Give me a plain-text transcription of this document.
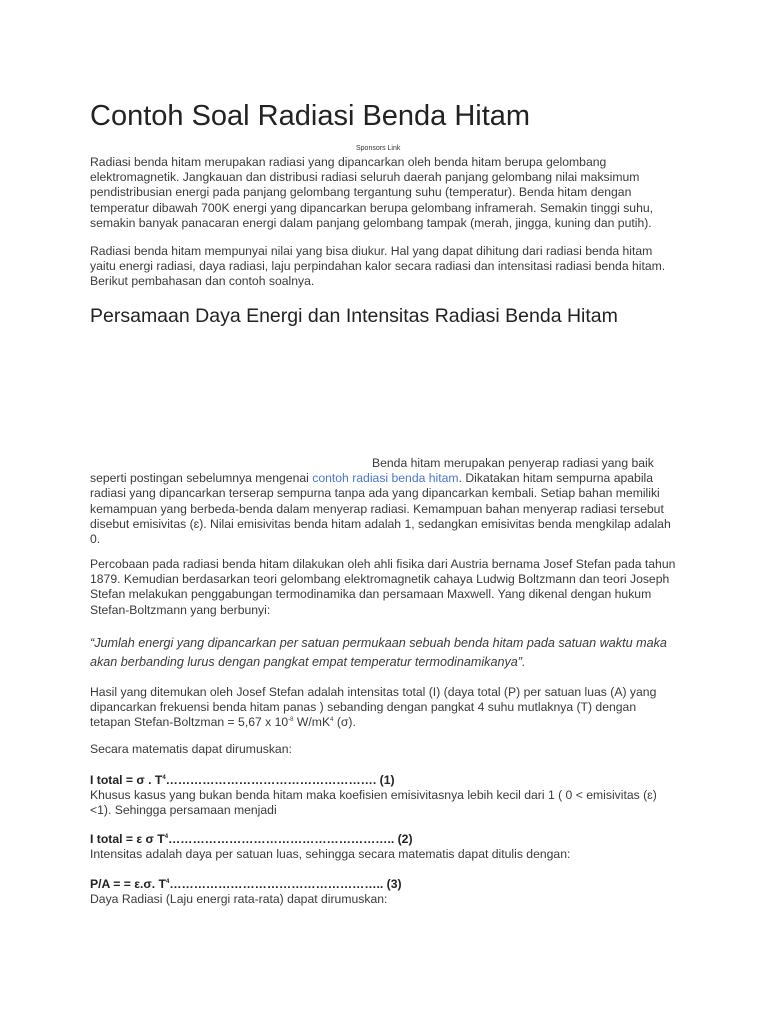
Contoh Soal Radiasi Benda Hitam
Sponsors Link

Radiasi benda hitam merupakan radiasi yang dipancarkan oleh benda hitam berupa gelombang elektromagnetik. Jangkauan dan distribusi radiasi seluruh daerah panjang gelombang nilai maksimum pendistribusian energi pada panjang gelombang tergantung suhu (temperatur). Benda hitam dengan temperatur dibawah 700K energi yang dipancarkan berupa gelombang inframerah. Semakin tinggi suhu, semakin banyak panacaran energi dalam panjang gelombang tampak (merah, jingga, kuning dan putih).

Radiasi benda hitam mempunyai nilai yang bisa diukur. Hal yang dapat dihitung dari radiasi benda hitam yaitu energi radiasi, daya radiasi, laju perpindahan kalor secara radiasi dan intensitasi radiasi benda hitam. Berikut pembahasan dan contoh soalnya.

Persamaan Daya Energi dan Intensitas Radiasi Benda Hitam

Benda hitam merupakan penyerap radiasi yang baik seperti postingan sebelumnya mengenai contoh radiasi benda hitam. Dikatakan hitam sempurna apabila radiasi yang dipancarkan terserap sempurna tanpa ada yang dipancarkan kembali. Setiap bahan memiliki kemampuan yang berbeda-benda dalam menyerap radiasi. Kemampuan bahan menyerap radiasi tersebut disebut emisivitas (ɛ). Nilai emisivitas benda hitam adalah 1, sedangkan emisivitas benda mengkilap adalah 0.

Percobaan pada radiasi benda hitam dilakukan oleh ahli fisika dari Austria bernama Josef Stefan pada tahun 1879. Kemudian berdasarkan teori gelombang elektromagnetik cahaya Ludwig Boltzmann dan teori Joseph Stefan melakukan penggabungan termodinamika dan persamaan Maxwell. Yang dikenal dengan hukum Stefan-Boltzmann yang berbunyi:

“Jumlah energi yang dipancarkan per satuan permukaan sebuah benda hitam pada satuan waktu maka akan berbanding lurus dengan pangkat empat temperatur termodinamikanya”.

Hasil yang ditemukan oleh Josef Stefan adalah intensitas total (I) (daya total (P) per satuan luas (A) yang dipancarkan frekuensi benda hitam panas ) sebanding dengan pangkat 4 suhu mutlaknya (T) dengan tetapan Stefan-Boltzman = 5,67 x $10^{-8}$ $W/mK^4$ (σ).

Secara matematis dapat dirumuskan:

I total = σ . $T^4\dots\dots\dots\dots\dots\dots\dots\dots\dots\dots\dots\dots\dots\dots\dots\dots\dots$. (1)

Khusus kasus yang bukan benda hitam maka koefisien emisivitasnya lebih kecil dari 1 ( 0 < emisivitas (ɛ) <1). Sehingga persamaan menjadi

I total = ε σ $T^4\dots\dots\dots\dots\dots\dots\dots\dots\dots\dots\dots\dots\dots\dots\dots\dots\dots\dots$.. (2)

Intensitas adalah daya per satuan luas, sehingga secara matematis dapat ditulis dengan:

P/A = = ε.σ. $T^4\dots\dots\dots\dots\dots\dots\dots\dots\dots\dots\dots\dots\dots\dots\dots\dots\dots$.. (3)

Daya Radiasi (Laju energi rata-rata) dapat dirumuskan:
